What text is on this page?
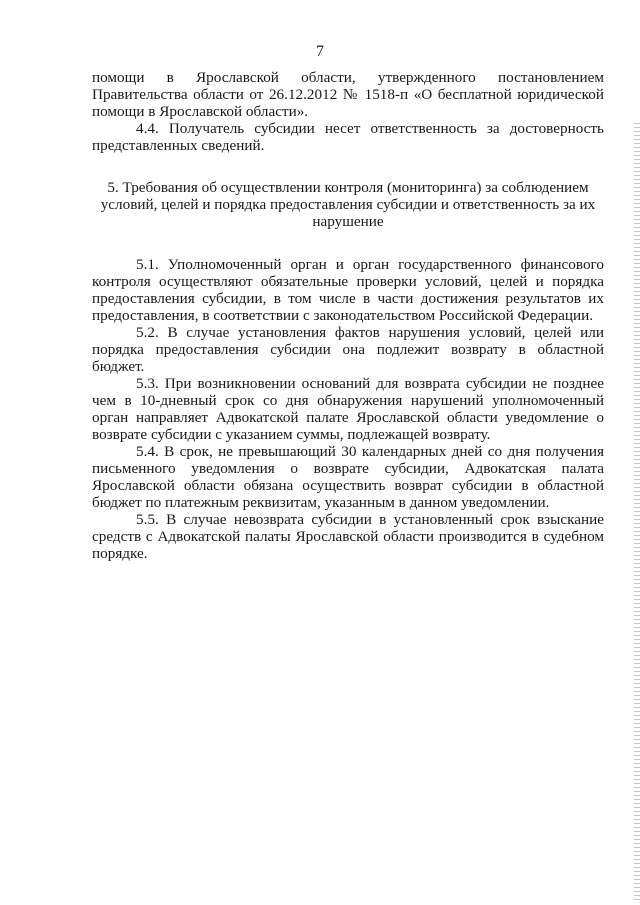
7

помощи в Ярославской области, утвержденного постановлением Правительства области от 26.12.2012 № 1518-п «О бесплатной юридической помощи в Ярославской области».

4.4. Получатель субсидии несет ответственность за достоверность представленных сведений.

5. Требования об осуществлении контроля (мониторинга) за соблюдением
условий, целей и порядка предоставления субсидии и ответственность за их
нарушение

5.1. Уполномоченный орган и орган государственного финансового контроля осуществляют обязательные проверки условий, целей и порядка предоставления субсидии, в том числе в части достижения результатов их предоставления, в соответствии с законодательством Российской Федерации.

5.2. В случае установления фактов нарушения условий, целей или порядка предоставления субсидии она подлежит возврату в областной бюджет.

5.3. При возникновении оснований для возврата субсидии не позднее чем в 10-дневный срок со дня обнаружения нарушений уполномоченный орган направляет Адвокатской палате Ярославской области уведомление о возврате субсидии с указанием суммы, подлежащей возврату.

5.4. В срок, не превышающий 30 календарных дней со дня получения письменного уведомления о возврате субсидии, Адвокатская палата Ярославской области обязана осуществить возврат субсидии в областной бюджет по платежным реквизитам, указанным в данном уведомлении.

5.5. В случае невозврата субсидии в установленный срок взыскание средств с Адвокатской палаты Ярославской области производится в судебном порядке.
